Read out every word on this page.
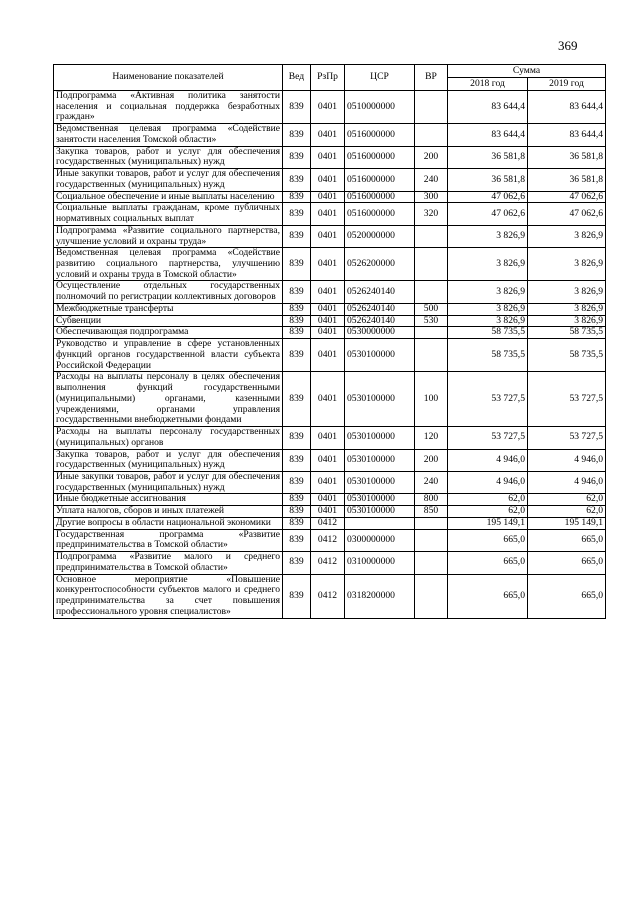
369
Наименование показателей	Вед	РзПр	ЦСР	ВР	Сумма	
					2018 год	2019 год
Подпрограмма «Активная политика занятости населения и социальная поддержка безработных граждан»	839	0401	0510000000		83 644,4	83 644,4
Ведомственная целевая программа «Содействие занятости населения Томской области»	839	0401	0516000000		83 644,4	83 644,4
Закупка товаров, работ и услуг для обеспечения государственных (муниципальных) нужд	839	0401	0516000000	200	36 581,8	36 581,8
Иные закупки товаров, работ и услуг для обеспечения государственных (муниципальных) нужд	839	0401	0516000000	240	36 581,8	36 581,8
Социальное обеспечение и иные выплаты населению	839	0401	0516000000	300	47 062,6	47 062,6
Социальные выплаты гражданам, кроме публичных нормативных социальных выплат	839	0401	0516000000	320	47 062,6	47 062,6
Подпрограмма «Развитие социального партнерства, улучшение условий и охраны труда»	839	0401	0520000000		3 826,9	3 826,9
Ведомственная целевая программа «Содействие развитию социального партнерства, улучшению условий и охраны труда в Томской области»	839	0401	0526200000		3 826,9	3 826,9
Осуществление отдельных государственных полномочий по регистрации коллективных договоров	839	0401	0526240140		3 826,9	3 826,9
Межбюджетные трансферты	839	0401	0526240140	500	3 826,9	3 826,9
Субвенции	839	0401	0526240140	530	3 826,9	3 826,9
Обеспечивающая подпрограмма	839	0401	0530000000		58 735,5	58 735,5
Руководство и управление в сфере установленных функций органов государственной власти субъекта Российской Федерации	839	0401	0530100000		58 735,5	58 735,5
Расходы на выплаты персоналу в целях обеспечения выполнения функций государственными (муниципальными) органами, казенными учреждениями, органами управления государственными внебюджетными фондами	839	0401	0530100000	100	53 727,5	53 727,5
Расходы на выплаты персоналу государственных (муниципальных) органов	839	0401	0530100000	120	53 727,5	53 727,5
Закупка товаров, работ и услуг для обеспечения государственных (муниципальных) нужд	839	0401	0530100000	200	4 946,0	4 946,0
Иные закупки товаров, работ и услуг для обеспечения государственных (муниципальных) нужд	839	0401	0530100000	240	4 946,0	4 946,0
Иные бюджетные ассигнования	839	0401	0530100000	800	62,0	62,0
Уплата налогов, сборов и иных платежей	839	0401	0530100000	850	62,0	62,0
Другие вопросы в области национальной экономики	839	0412			195 149,1	195 149,1
Государственная программа «Развитие предпринимательства в Томской области»	839	0412	0300000000		665,0	665,0
Подпрограмма «Развитие малого и среднего предпринимательства в Томской области»	839	0412	0310000000		665,0	665,0
Основное мероприятие «Повышение конкурентоспособности субъектов малого и среднего предпринимательства за счет повышения профессионального уровня специалистов»	839	0412	0318200000		665,0	665,0
